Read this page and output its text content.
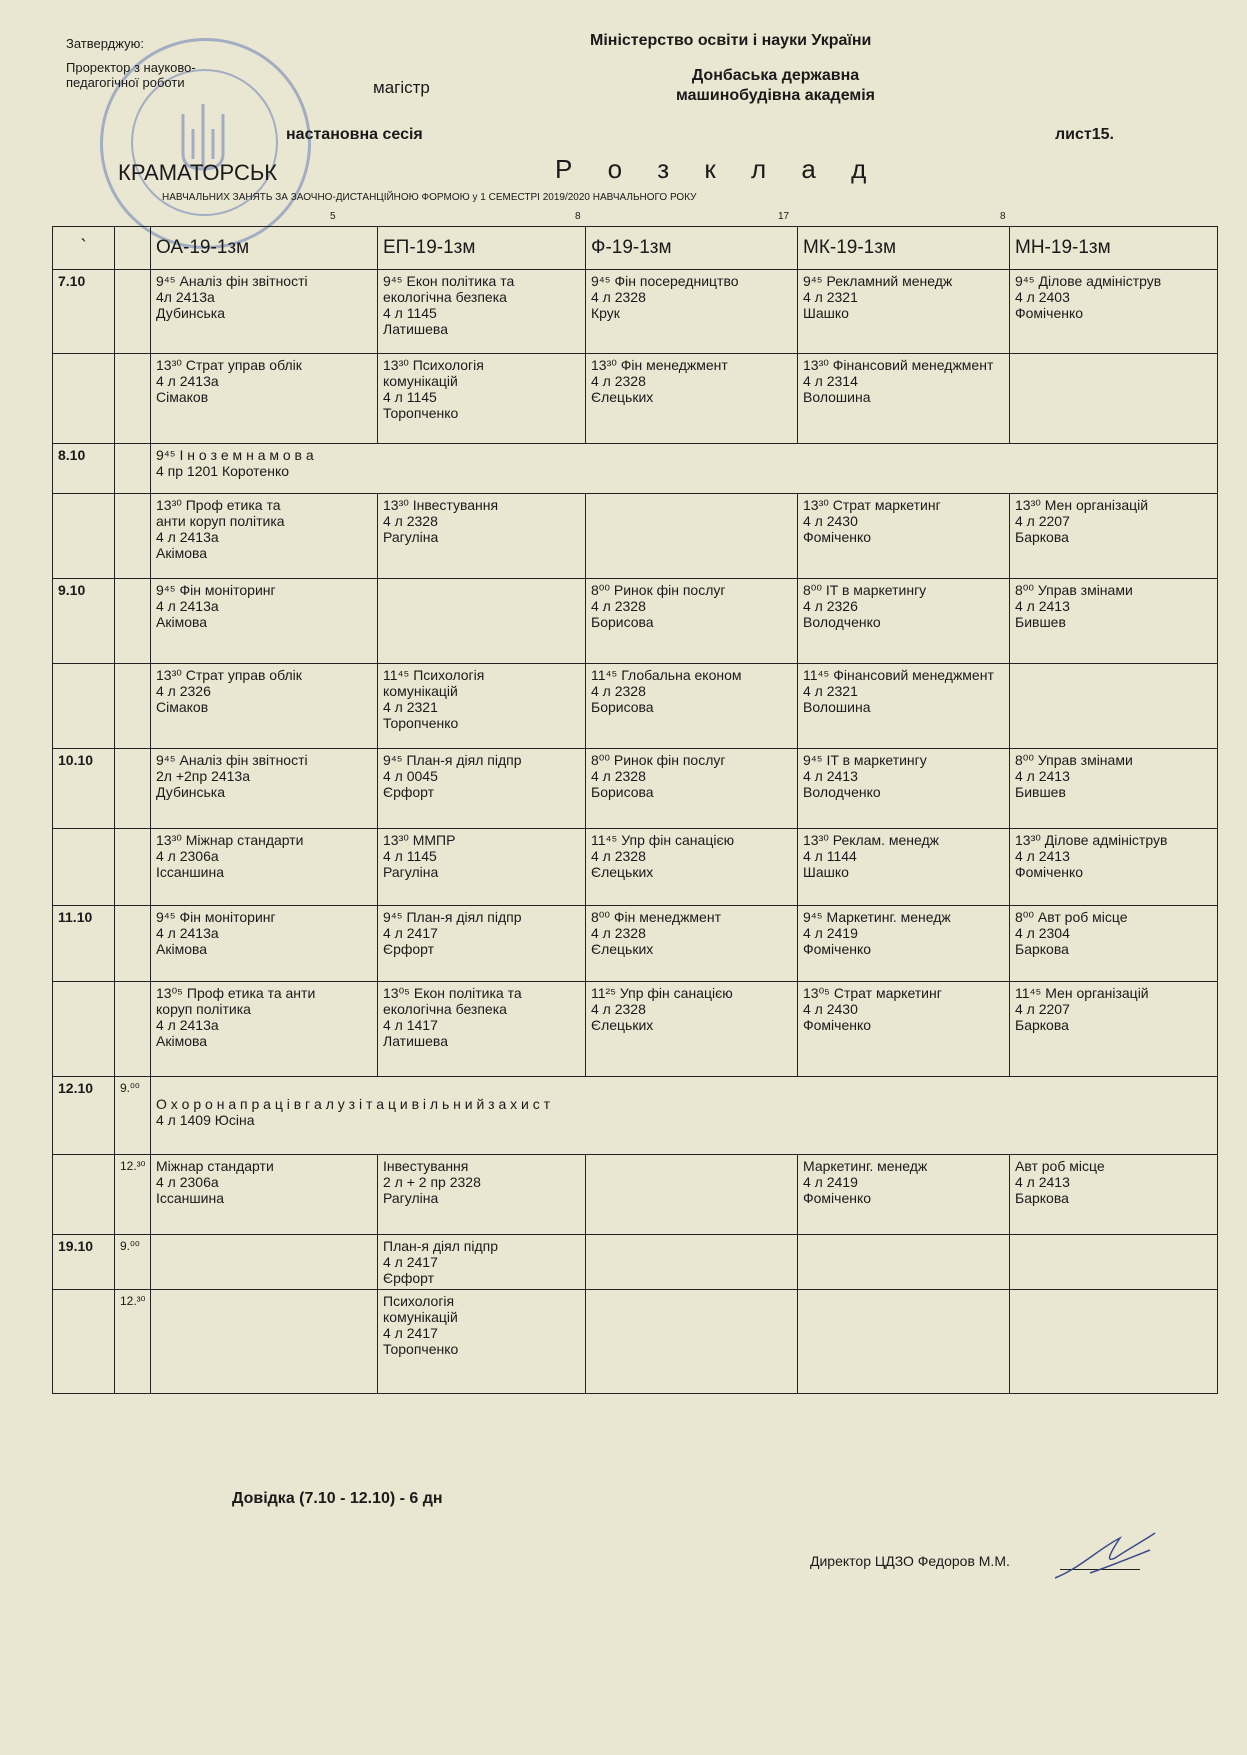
Затверджую:
Проректор з науково-
педагогічної роботи
Міністерство освіти і науки України
Донбаська державна
машинобудівна академія
магістр
настановна сесія	лист15.
КРАМАТОРСЬК	Р о з к л а д
НАВЧАЛЬНИХ ЗАНЯТЬ ЗА ЗАОЧНО-ДИСТАНЦІЙНОЮ ФОРМОЮ у 1 СЕМЕСТРІ 2019/2020 НАВЧАЛЬНОГО РОКУ
5	8	17	8
`		ОА-19-1зм	ЕП-19-1зм	Ф-19-1зм	МК-19-1зм	МН-19-1зм
7.10		9⁴⁵ Аналіз фін звітності
4л 2413а
Дубинська	9⁴⁵ Екон політика та
екологічна безпека
4 л 1145
Латишева	9⁴⁵ Фін посередництво
4 л 2328
Крук	9⁴⁵ Рекламний менедж
4 л 2321
Шашко	9⁴⁵ Ділове адмініструв
4 л 2403
Фоміченко
		13³⁰ Страт управ облік
4 л 2413а
Сімаков	13³⁰ Психологія
комунікацій
4 л 1145
Торопченко	13³⁰ Фін менеджмент
4 л 2328
Єлецьких	13³⁰ Фінансовий менеджмент
4 л 2314
Волошина	
8.10		9⁴⁵ І н о з е м н а м о в а
4 пр 1201 Коротенко				
		13³⁰ Проф етика та
анти коруп політика
4 л 2413а
Акімова	13³⁰ Інвестування
4 л 2328
Рагуліна		13³⁰ Страт маркетинг
4 л 2430
Фоміченко	13³⁰ Мен організацій
4 л 2207
Баркова
9.10		9⁴⁵ Фін моніторинг
4 л 2413а
Акімова		8⁰⁰ Ринок фін послуг
4 л 2328
Борисова	8⁰⁰ IT в маркетингу
4 л 2326
Володченко	8⁰⁰ Управ змінами
4 л 2413
Бившев
		13³⁰ Страт управ облік
4 л 2326
Сімаков	11⁴⁵ Психологія
комунікацій
4 л 2321
Торопченко	11⁴⁵ Глобальна економ
4 л 2328
Борисова	11⁴⁵ Фінансовий менеджмент
4 л 2321
Волошина	
10.10		9⁴⁵ Аналіз фін звітності
2л +2пр 2413а
Дубинська	9⁴⁵ План-я діял підпр
4 л 0045
Єрфорт	8⁰⁰ Ринок фін послуг
4 л 2328
Борисова	9⁴⁵ IT в маркетингу
4 л 2413
Володченко	8⁰⁰ Управ змінами
4 л 2413
Бившев
		13³⁰ Міжнар стандарти
4 л 2306а
Іссаншина	13³⁰ ММПР
4 л 1145
Рагуліна	11⁴⁵ Упр фін санацією
4 л 2328
Єлецьких	13³⁰ Реклам. менедж
4 л 1144
Шашко	13³⁰ Ділове адмініструв
4 л 2413
Фоміченко
11.10		9⁴⁵ Фін моніторинг
4 л 2413а
Акімова	9⁴⁵ План-я діял підпр
4 л 2417
Єрфорт	8⁰⁰ Фін менеджмент
4 л 2328
Єлецьких	9⁴⁵ Маркетинг. менедж
4 л 2419
Фоміченко	8⁰⁰ Авт роб місце
4 л 2304
Баркова
		13⁰⁵ Проф етика та анти
коруп політика
4 л 2413а
Акімова	13⁰⁵ Екон політика та
екологічна безпека
4 л 1417
Латишева	11²⁵ Упр фін санацією
4 л 2328
Єлецьких	13⁰⁵ Страт маркетинг
4 л 2430
Фоміченко	11⁴⁵ Мен організацій
4 л 2207
Баркова
12.10	9.⁰⁰	
О х о р о н а п р а ц і в г а л у з і т а ц и в і л ь н и й з а х и с т
4 л 1409 Юсіна				
	12.³⁰	Міжнар стандарти
4 л 2306а
Іссаншина	Інвестування
2 л + 2 пр 2328
Рагуліна		Маркетинг. менедж
4 л 2419
Фоміченко	Авт роб місце
4 л 2413
Баркова
19.10	9.⁰⁰		План-я діял підпр
4 л 2417
Єрфорт			
	12.³⁰		Психологія
комунікацій
4 л 2417
Торопченко			
Довідка (7.10 - 12.10) - 6 дн
Директор ЦДЗО Федоров М.М.
